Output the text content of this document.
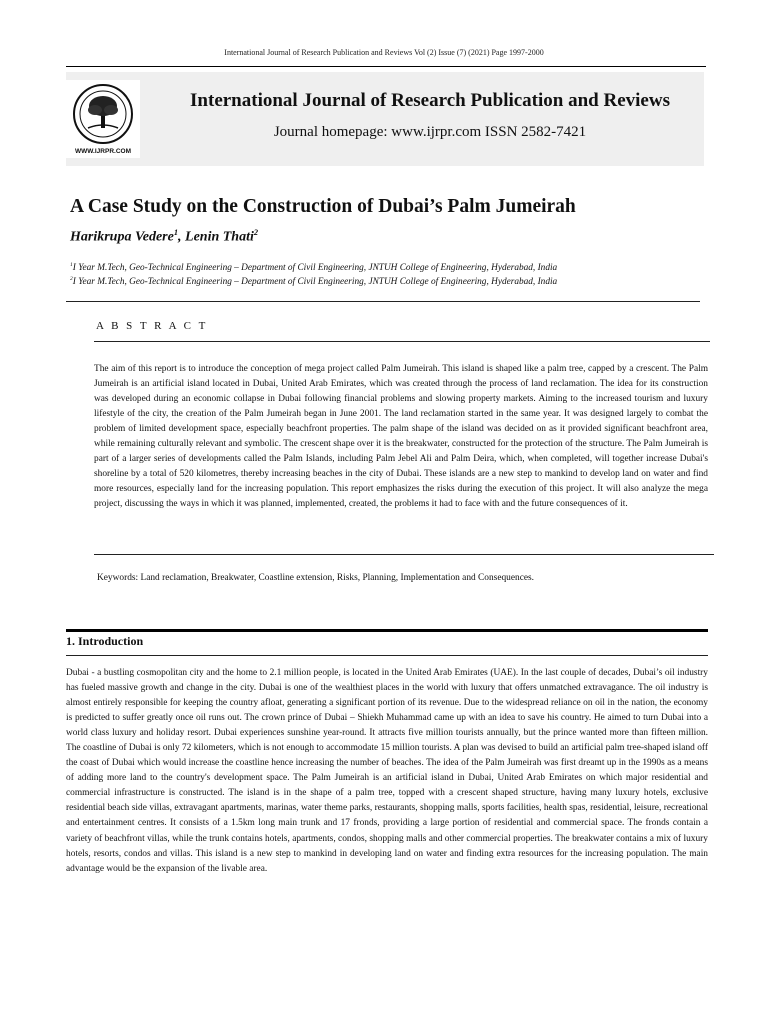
International Journal of Research Publication and Reviews Vol (2) Issue (7) (2021) Page 1997-2000
WWW.IJRPR.COM
International Journal of Research Publication and Reviews
Journal homepage: www.ijrpr.com ISSN 2582-7421
A Case Study on the Construction of Dubai’s Palm Jumeirah
Harikrupa Vedere$^1$, Lenin Thati$^2$
$^1$I Year M.Tech, Geo-Technical Engineering – Department of Civil Engineering, JNTUH College of Engineering, Hyderabad, India
$^2$I Year M.Tech, Geo-Technical Engineering – Department of Civil Engineering, JNTUH College of Engineering, Hyderabad, India
A B S T R A C T
The aim of this report is to introduce the conception of mega project called Palm Jumeirah. This island is shaped like a palm tree, capped by a crescent. The Palm Jumeirah is an artificial island located in Dubai, United Arab Emirates, which was created through the process of land reclamation. The idea for its construction was developed during an economic collapse in Dubai following financial problems and slowing property markets. Aiming to the increased tourism and luxury lifestyle of the city, the creation of the Palm Jumeirah began in June 2001. The land reclamation started in the same year. It was designed largely to combat the problem of limited development space, especially beachfront properties. The palm shape of the island was decided on as it provided significant beachfront area, while remaining culturally relevant and symbolic. The crescent shape over it is the breakwater, constructed for the protection of the structure. The Palm Jumeirah is part of a larger series of developments called the Palm Islands, including Palm Jebel Ali and Palm Deira, which, when completed, will together increase Dubai's shoreline by a total of 520 kilometres, thereby increasing beaches in the city of Dubai. These islands are a new step to mankind to develop land on water and find more resources, especially land for the increasing population. This report emphasizes the risks during the execution of this project. It will also analyze the mega project, discussing the ways in which it was planned, implemented, created, the problems it had to face with and the future consequences of it.
Keywords: Land reclamation, Breakwater, Coastline extension, Risks, Planning, Implementation and Consequences.
1. Introduction
Dubai - a bustling cosmopolitan city and the home to 2.1 million people, is located in the United Arab Emirates (UAE). In the last couple of decades, Dubai’s oil industry has fueled massive growth and change in the city. Dubai is one of the wealthiest places in the world with luxury that offers unmatched extravagance. The oil industry is almost entirely responsible for keeping the country afloat, generating a significant portion of its revenue. Due to the widespread reliance on oil in the nation, the economy is predicted to suffer greatly once oil runs out. The crown prince of Dubai – Shiekh Muhammad came up with an idea to save his country. He aimed to turn Dubai into a world class luxury and holiday resort. Dubai experiences sunshine year-round. It attracts five million tourists annually, but the prince wanted more than fifteen million. The coastline of Dubai is only 72 kilometers, which is not enough to accommodate 15 million tourists. A plan was devised to build an artificial palm tree-shaped island off the coast of Dubai which would increase the coastline hence increasing the number of beaches. The idea of the Palm Jumeirah was first dreamt up in the 1990s as a means of adding more land to the country's development space. The Palm Jumeirah is an artificial island in Dubai, United Arab Emirates on which major residential and commercial infrastructure is constructed. The island is in the shape of a palm tree, topped with a crescent shaped structure, having many luxury hotels, exclusive residential beach side villas, extravagant apartments, marinas, water theme parks, restaurants, shopping malls, sports facilities, health spas, residential, leisure, recreational and entertainment centres. It consists of a 1.5km long main trunk and 17 fronds, providing a large portion of residential and commercial space. The fronds contain a variety of beachfront villas, while the trunk contains hotels, apartments, condos, shopping malls and other commercial properties. The breakwater contains a mix of luxury hotels, resorts, condos and villas. This island is a new step to mankind in developing land on water and finding extra resources for the increasing population. The main advantage would be the expansion of the livable area.
